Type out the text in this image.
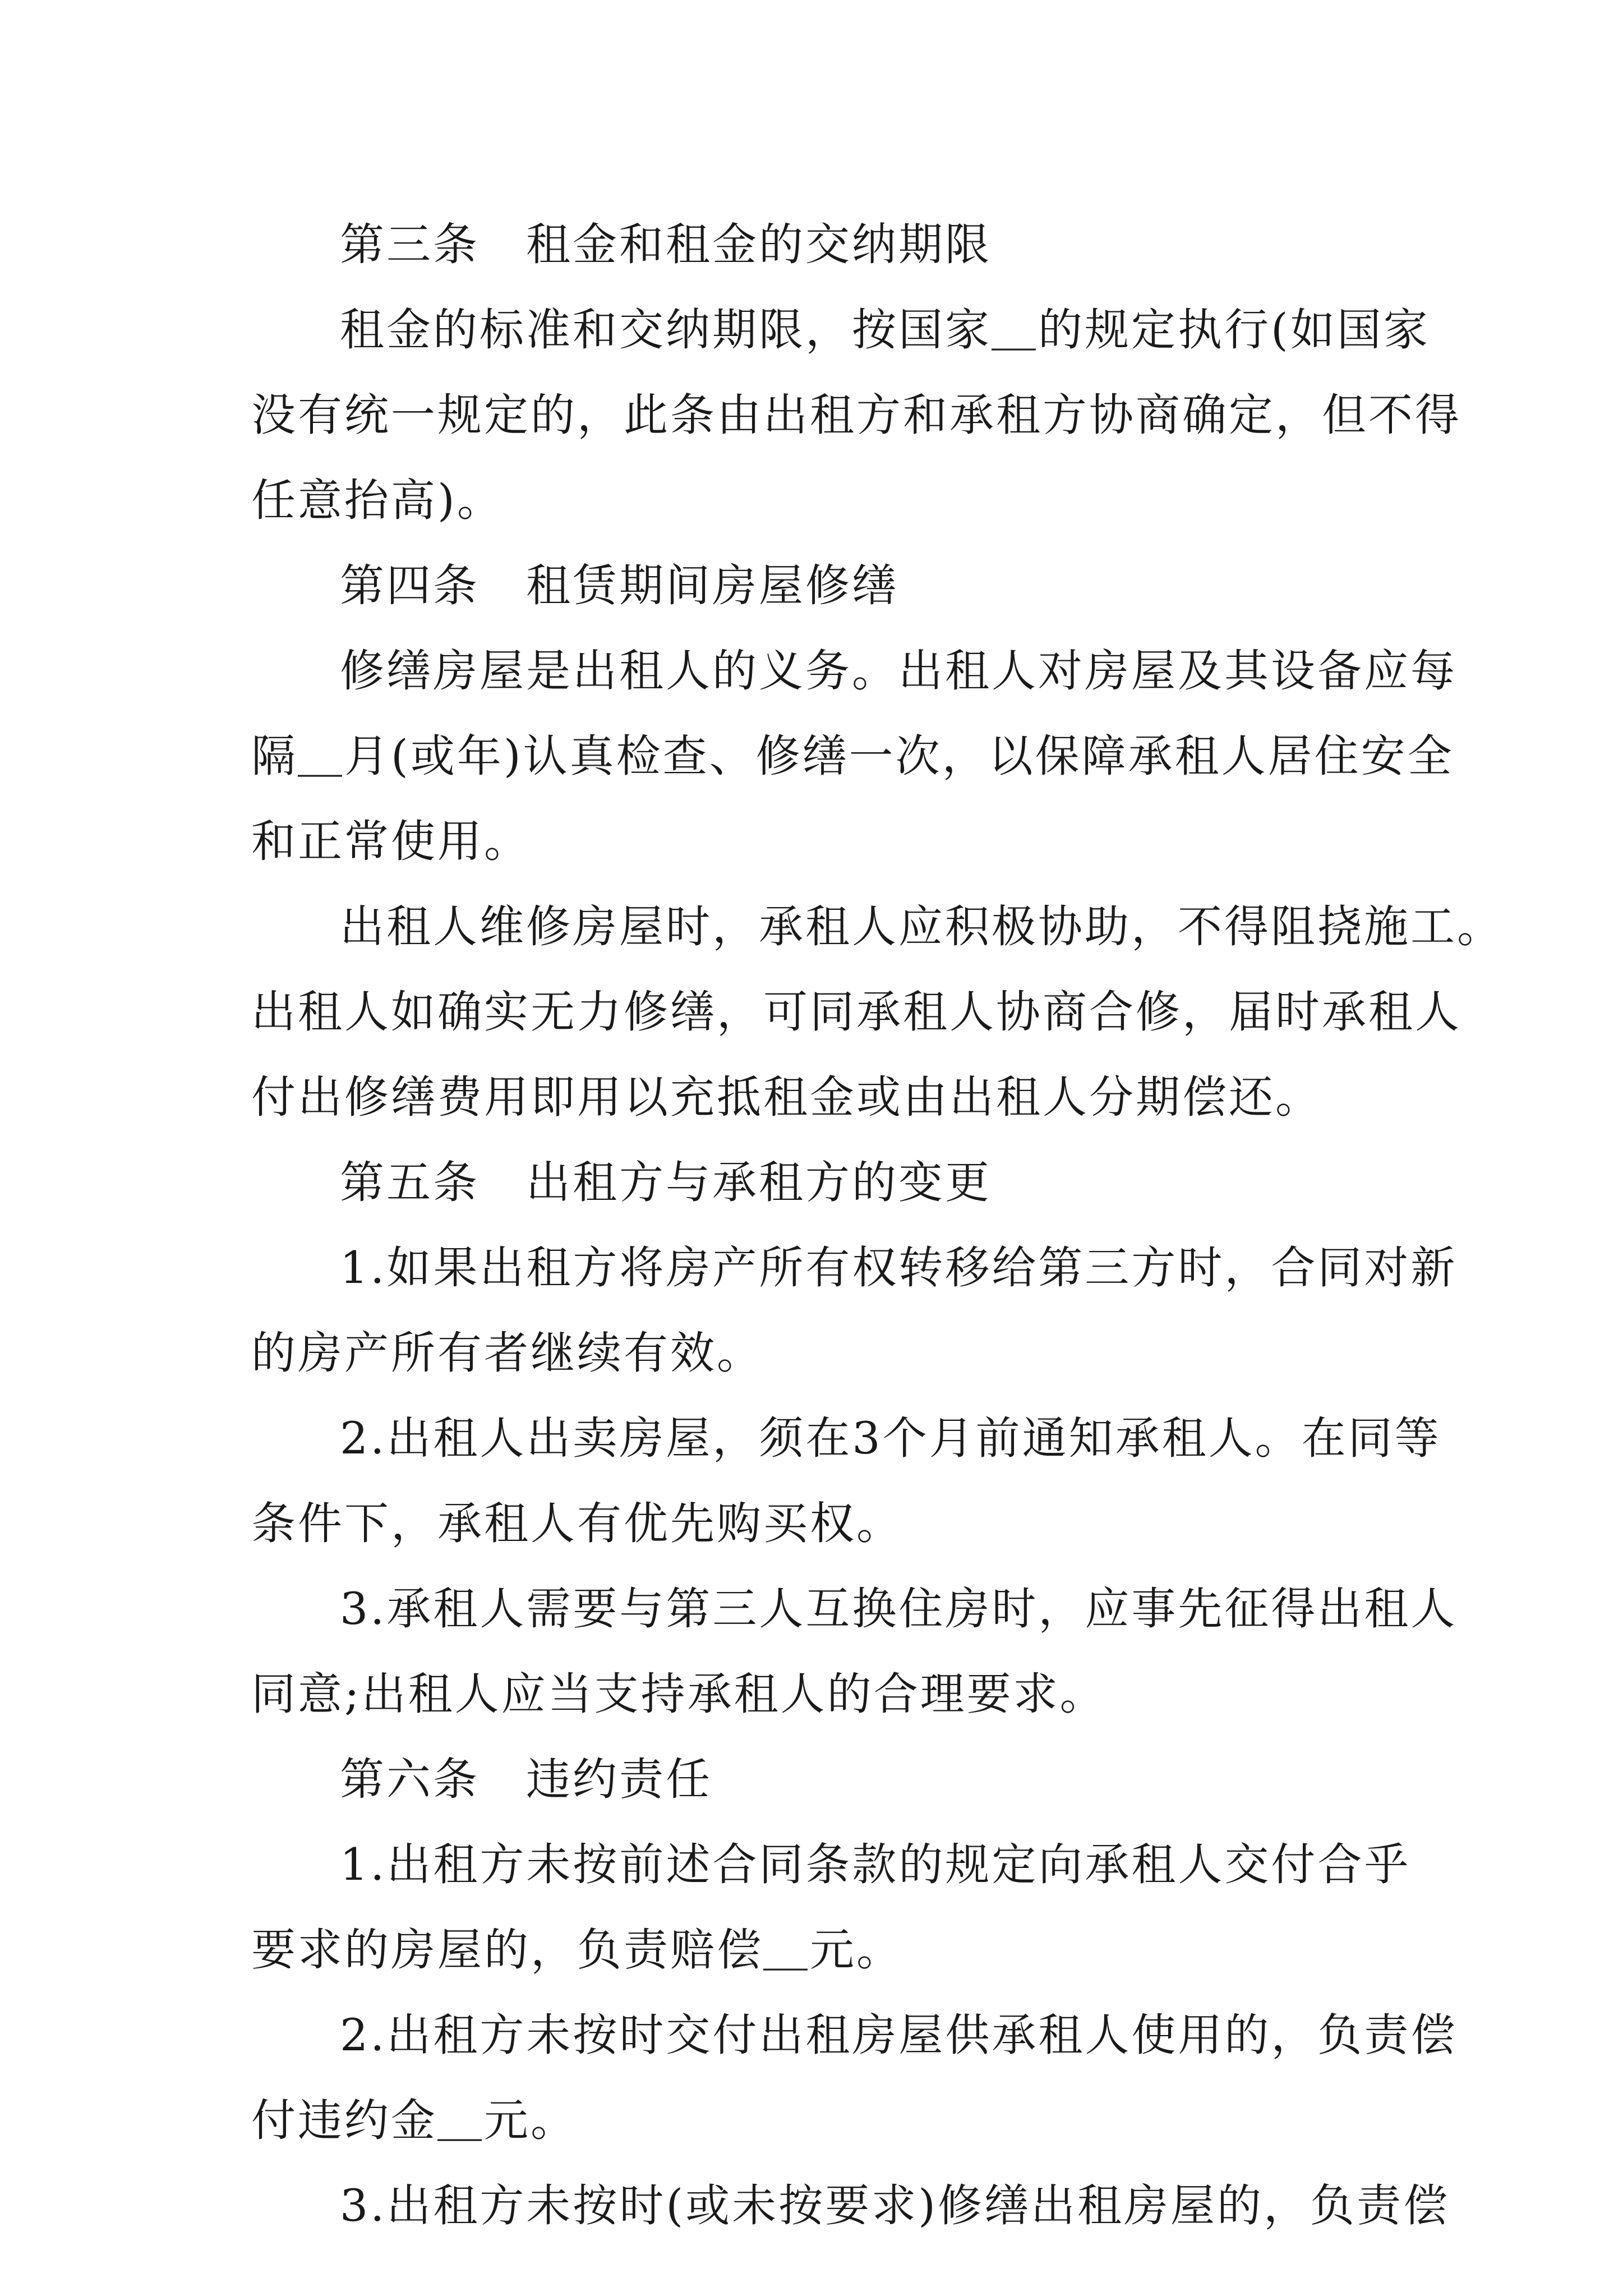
第三条　租金和租金的交纳期限
租金的标准和交纳期限，按国家＿的规定执行(如国家
没有统一规定的，此条由出租方和承租方协商确定，但不得
任意抬高)。
第四条　租赁期间房屋修缮
修缮房屋是出租人的义务。出租人对房屋及其设备应每
隔＿月(或年)认真检查、修缮一次，以保障承租人居住安全
和正常使用。
出租人维修房屋时，承租人应积极协助，不得阻挠施工。
出租人如确实无力修缮，可同承租人协商合修，届时承租人
付出修缮费用即用以充抵租金或由出租人分期偿还。
第五条　出租方与承租方的变更
1.如果出租方将房产所有权转移给第三方时，合同对新
的房产所有者继续有效。
2.出租人出卖房屋，须在3个月前通知承租人。在同等
条件下，承租人有优先购买权。
3.承租人需要与第三人互换住房时，应事先征得出租人
同意;出租人应当支持承租人的合理要求。
第六条　违约责任
1.出租方未按前述合同条款的规定向承租人交付合乎
要求的房屋的，负责赔偿＿元。
2.出租方未按时交付出租房屋供承租人使用的，负责偿
付违约金＿元。
3.出租方未按时(或未按要求)修缮出租房屋的，负责偿
